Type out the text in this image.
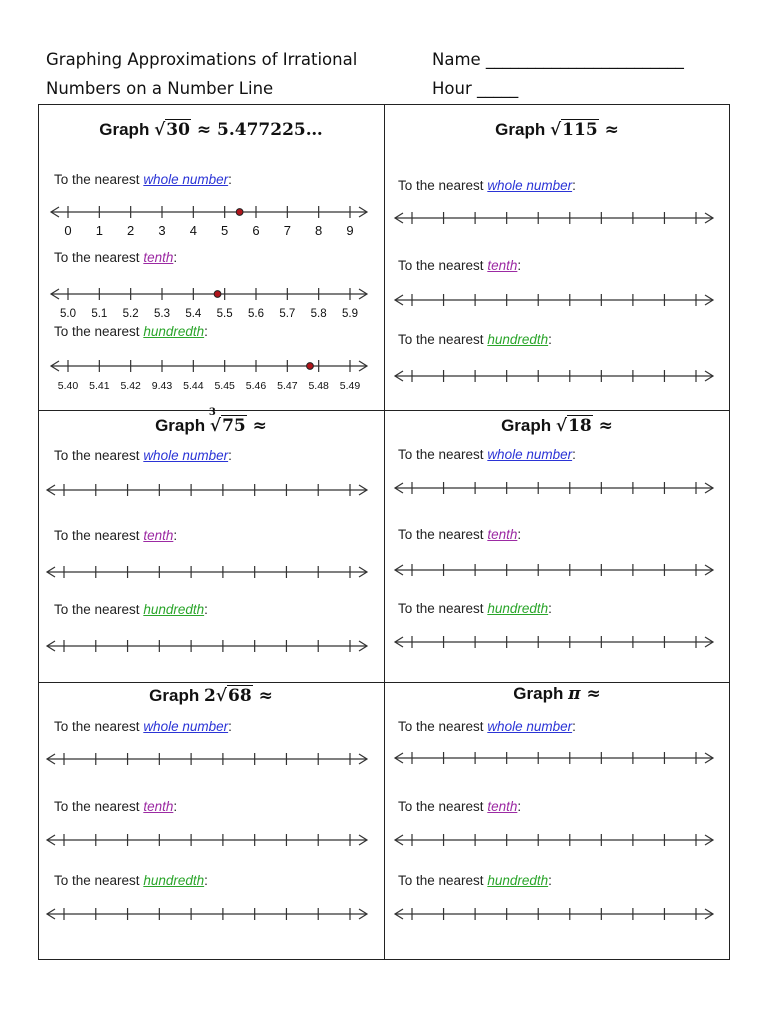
Graphing Approximations of Irrational
Numbers on a Number Line
Name ________________________
Hour _____
Graph √30 ≈ 5.477225…
To the nearest whole number:
0 1 2 3 4 5 6 7 8 9
To the nearest tenth:
5.0 5.1 5.2 5.3 5.4 5.5 5.6 5.7 5.8 5.9
To the nearest hundredth:
5.40 5.41 5.42 9.43 5.44 5.45 5.46 5.47 5.48 5.49
Graph √115 ≈
To the nearest whole number:
To the nearest tenth:
To the nearest hundredth:
Graph
3
√75 ≈
To the nearest whole number:
To the nearest tenth:
To the nearest hundredth:
Graph √18 ≈
To the nearest whole number:
To the nearest tenth:
To the nearest hundredth:
Graph 2√68 ≈
To the nearest whole number:
To the nearest tenth:
To the nearest hundredth:
Graph π ≈
To the nearest whole number:
To the nearest tenth:
To the nearest hundredth:
